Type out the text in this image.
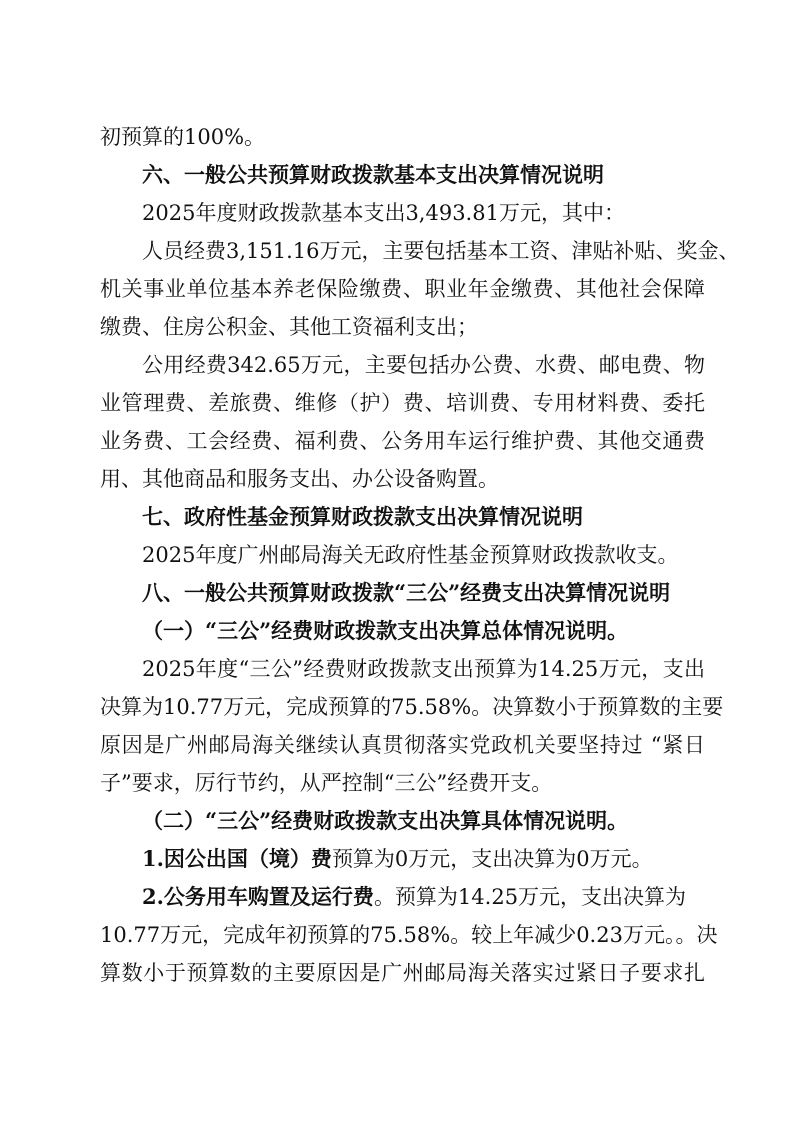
初预算的100%。
六、一般公共预算财政拨款基本支出决算情况说明
2025年度财政拨款基本支出3,493.81万元，其中：
人员经费3,151.16万元，主要包括基本工资、津贴补贴、奖金、
机关事业单位基本养老保险缴费、职业年金缴费、其他社会保障
缴费、住房公积金、其他工资福利支出；
公用经费342.65万元，主要包括办公费、水费、邮电费、物
业管理费、差旅费、维修（护）费、培训费、专用材料费、委托
业务费、工会经费、福利费、公务用车运行维护费、其他交通费
用、其他商品和服务支出、办公设备购置。
七、政府性基金预算财政拨款支出决算情况说明
2025年度广州邮局海关无政府性基金预算财政拨款收支。
八、一般公共预算财政拨款“三公”经费支出决算情况说明
（一）“三公”经费财政拨款支出决算总体情况说明。
2025年度“三公”经费财政拨款支出预算为14.25万元，支出
决算为10.77万元，完成预算的75.58%。决算数小于预算数的主要
原因是广州邮局海关继续认真贯彻落实党政机关要坚持过 “紧日
子”要求，厉行节约，从严控制“三公”经费开支。
（二）“三公”经费财政拨款支出决算具体情况说明。
1.因公出国（境）费预算为0万元，支出决算为0万元。
2.公务用车购置及运行费。预算为14.25万元，支出决算为
10.77万元，完成年初预算的75.58%。较上年减少0.23万元。。决
算数小于预算数的主要原因是广州邮局海关落实过紧日子要求扎
